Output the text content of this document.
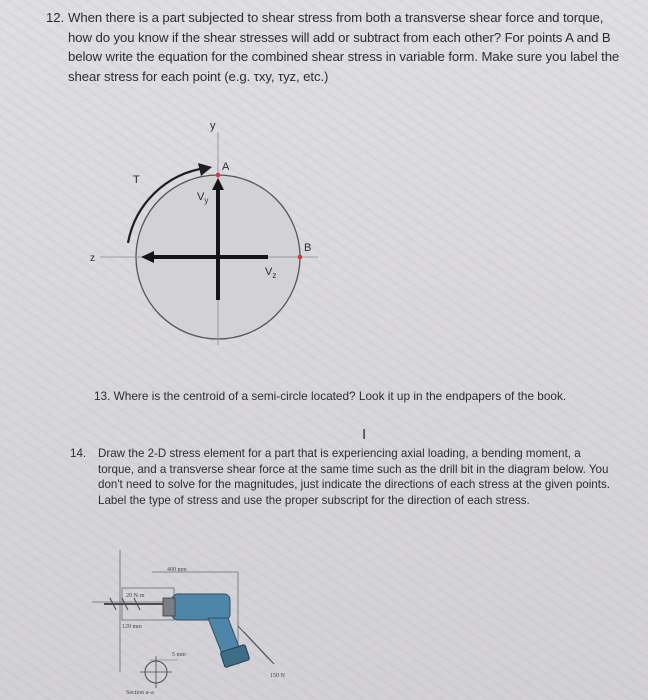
12. When there is a part subjected to shear stress from both a transverse shear force and torque, how do you know if the shear stresses will add or subtract from each other? For points A and B below write the equation for the combined shear stress in variable form. Make sure you label the shear stress for each point (e.g. τxy, τyz, etc.)
y
z
T
A
B
$V_y$
$V_z$
13. Where is the centroid of a semi-circle located? Look it up in the endpapers of the book.
I
14.	Draw the 2-D stress element for a part that is experiencing axial loading, a bending moment, a torque, and a transverse shear force at the same time such as the drill bit in the diagram below. You don't need to solve for the magnitudes, just indicate the directions of each stress at the given points. Label the type of stress and use the proper subscript for the direction of each stress.
400 mm
20 N·m
120 mm
150 N
5 mm
Section a–a
